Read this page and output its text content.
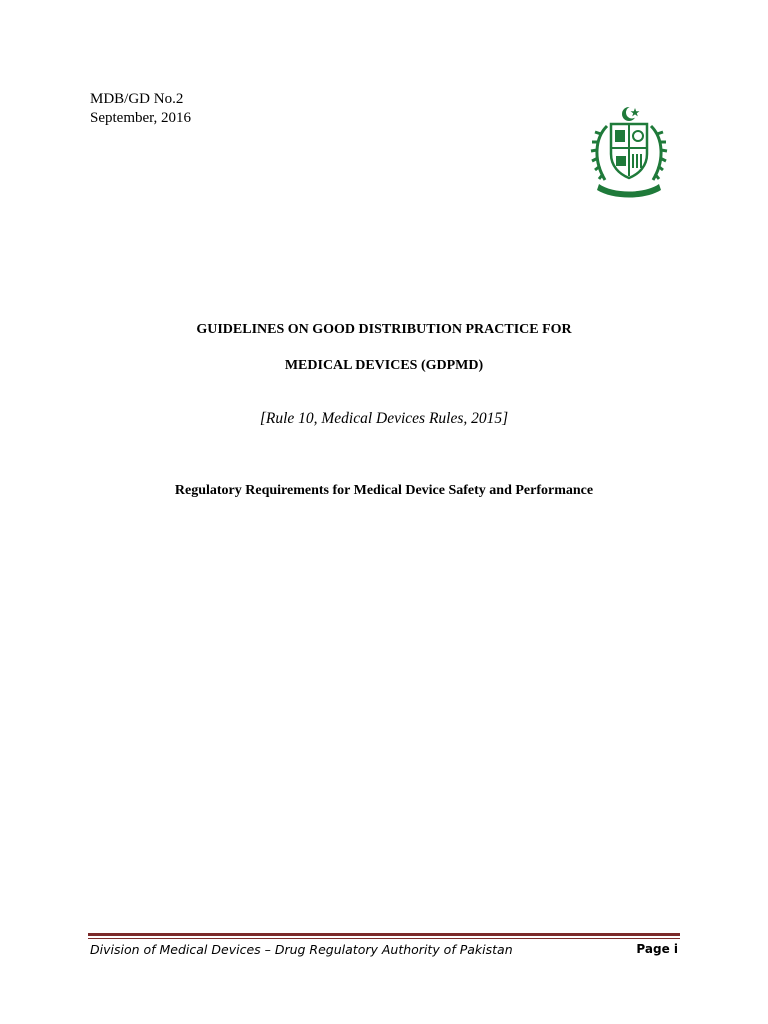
MDB/GD No.2
September, 2016
GUIDELINES ON GOOD DISTRIBUTION PRACTICE FOR
MEDICAL DEVICES (GDPMD)
[Rule 10, Medical Devices Rules, 2015]
Regulatory Requirements for Medical Device Safety and Performance
Division of Medical Devices – Drug Regulatory Authority of Pakistan	Page i
